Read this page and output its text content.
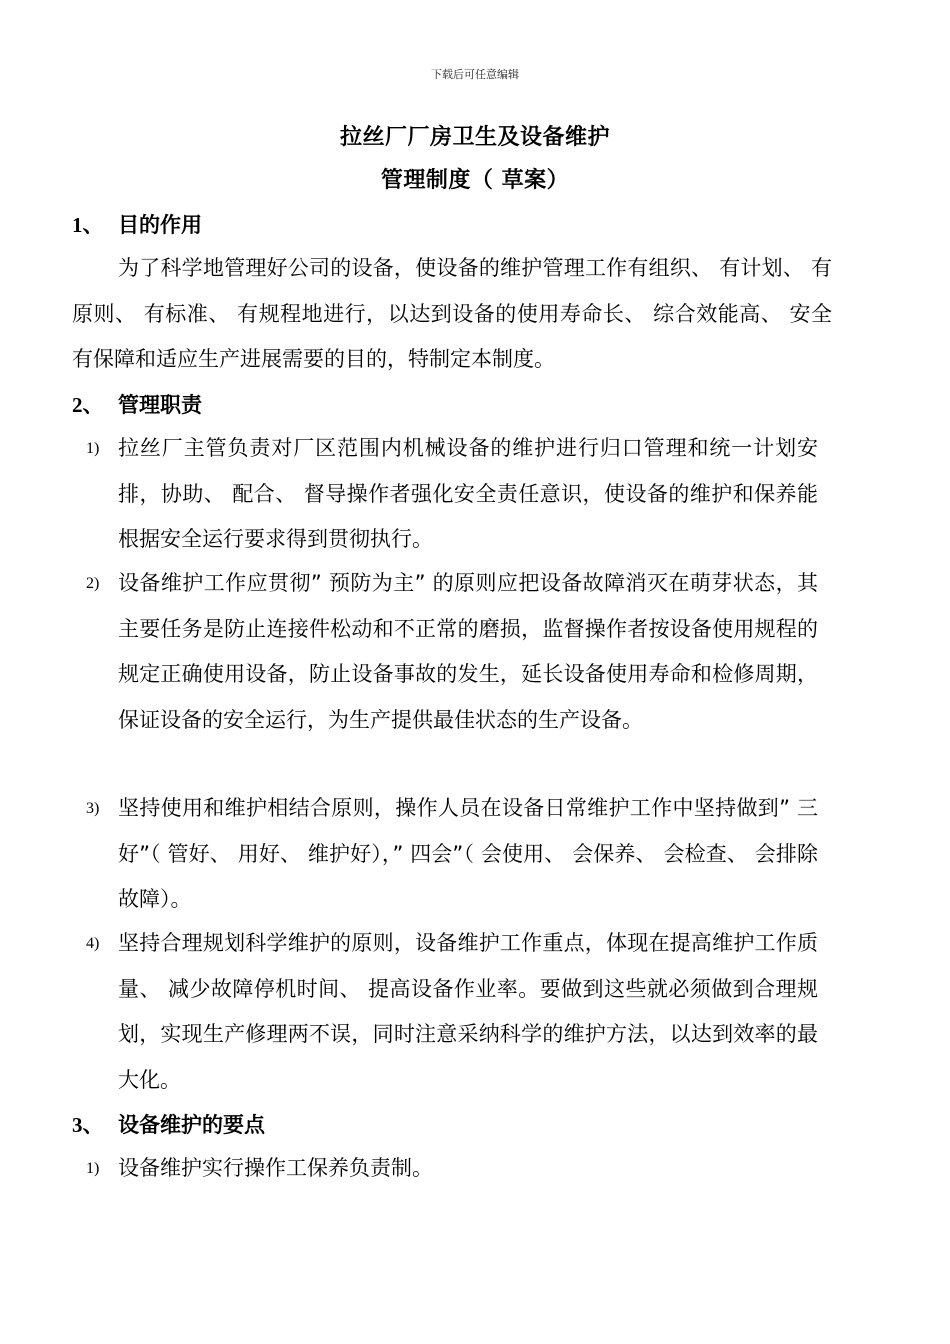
下载后可任意编辑
拉丝厂厂房卫生及设备维护
管理制度（ 草案）
1、 目的作用

为了科学地管理好公司的设备，使设备的维护管理工作有组织、 有计划、 有原则、 有标准、 有规程地进行，以达到设备的使用寿命长、 综合效能高、 安全有保障和适应生产进展需要的目的，特制定本制度。

2、 管理职责
1) 拉丝厂主管负责对厂区范围内机械设备的维护进行归口管理和统一计划安排，协助、 配合、 督导操作者强化安全责任意识，使设备的维护和保养能根据安全运行要求得到贯彻执行。
2) 设备维护工作应贯彻” 预防为主” 的原则应把设备故障消灭在萌芽状态，其主要任务是防止连接件松动和不正常的磨损，监督操作者按设备使用规程的规定正确使用设备，防止设备事故的发生，延长设备使用寿命和检修周期，保证设备的安全运行，为生产提供最佳状态的生产设备。
3) 坚持使用和维护相结合原则，操作人员在设备日常维护工作中坚持做到” 三好”（ 管好、 用好、 维护好），” 四会”（ 会使用、 会保养、 会检查、 会排除故障）。
4) 坚持合理规划科学维护的原则，设备维护工作重点，体现在提高维护工作质量、 减少故障停机时间、 提高设备作业率。要做到这些就必须做到合理规划，实现生产修理两不误，同时注意采纳科学的维护方法，以达到效率的最大化。
3、 设备维护的要点
1) 设备维护实行操作工保养负责制。
